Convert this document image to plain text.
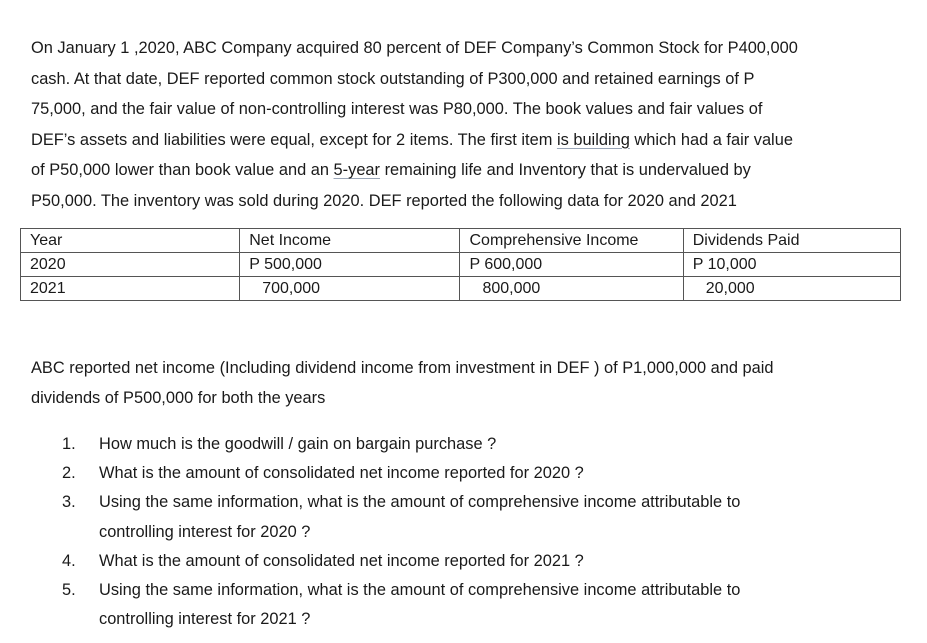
On January 1 ,2020, ABC Company acquired 80 percent of DEF Company’s Common Stock for P400,000
cash. At that date, DEF reported common stock outstanding of P300,000 and retained earnings of P
75,000, and the fair value of non-controlling interest was P80,000. The book values and fair values of
DEF’s assets and liabilities were equal, except for 2 items. The first item is building which had a fair value
of P50,000 lower than book value and an 5-year remaining life and Inventory that is undervalued by
P50,000. The inventory was sold during 2020. DEF reported the following data for 2020 and 2021

Year	Net Income	Comprehensive Income	Dividends Paid
2020	P 500,000	P 600,000	P 10,000
2021	700,000	800,000	20,000

ABC reported net income (Including dividend income from investment in DEF ) of P1,000,000 and paid
dividends of P500,000 for both the years

1.	How much is the goodwill / gain on bargain purchase ?
2.	What is the amount of consolidated net income reported for 2020 ?
3.	Using the same information, what is the amount of comprehensive income attributable to
controlling interest for 2020 ?
4.	What is the amount of consolidated net income reported for 2021 ?
5.	Using the same information, what is the amount of comprehensive income attributable to
controlling interest for 2021 ?
